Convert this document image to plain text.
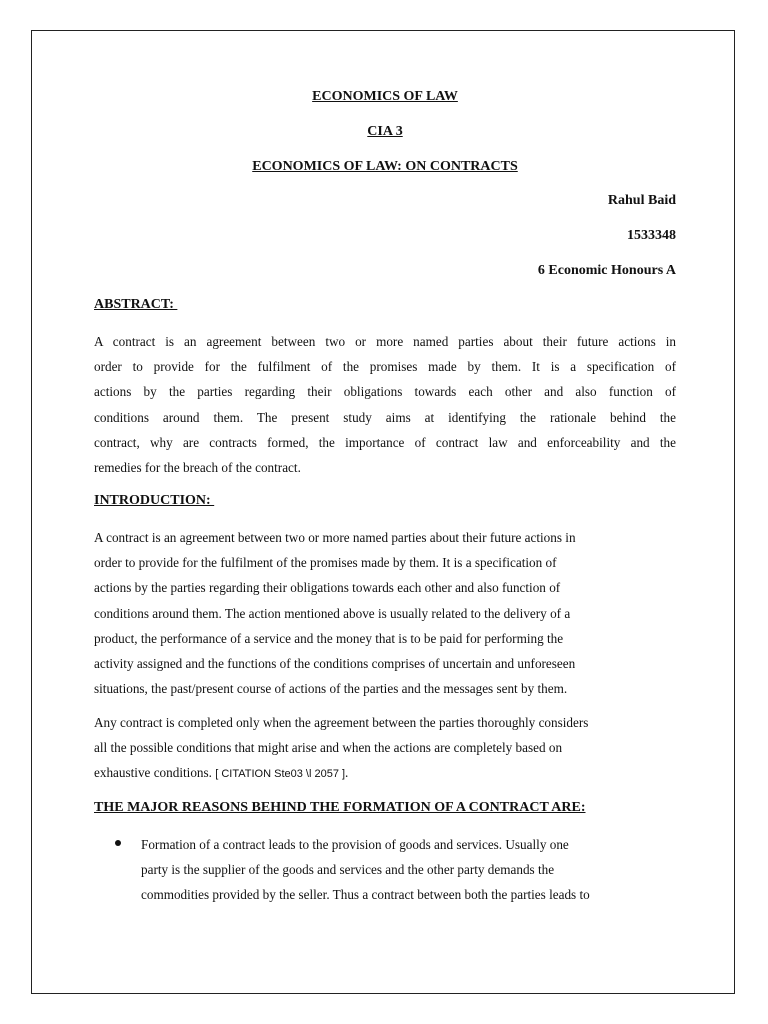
ECONOMICS OF LAW
CIA 3
ECONOMICS OF LAW: ON CONTRACTS
Rahul Baid
1533348
6 Economic Honours A
ABSTRACT:
A contract is an agreement between two or more named parties about their future actions in
order to provide for the fulfilment of the promises made by them. It is a specification of
actions by the parties regarding their obligations towards each other and also function of
conditions around them. The present study aims at identifying the rationale behind the
contract, why are contracts formed, the importance of contract law and enforceability and the
remedies for the breach of the contract.
INTRODUCTION:
A contract is an agreement between two or more named parties about their future actions in
order to provide for the fulfilment of the promises made by them. It is a specification of
actions by the parties regarding their obligations towards each other and also function of
conditions around them. The action mentioned above is usually related to the delivery of a
product, the performance of a service and the money that is to be paid for performing the
activity assigned and the functions of the conditions comprises of uncertain and unforeseen
situations, the past/present course of actions of the parties and the messages sent by them.
Any contract is completed only when the agreement between the parties thoroughly considers
all the possible conditions that might arise and when the actions are completely based on
exhaustive conditions. [ CITATION Ste03 \l 2057 ].
THE MAJOR REASONS BEHIND THE FORMATION OF A CONTRACT ARE:
Formation of a contract leads to the provision of goods and services. Usually one
party is the supplier of the goods and services and the other party demands the
commodities provided by the seller. Thus a contract between both the parties leads to
